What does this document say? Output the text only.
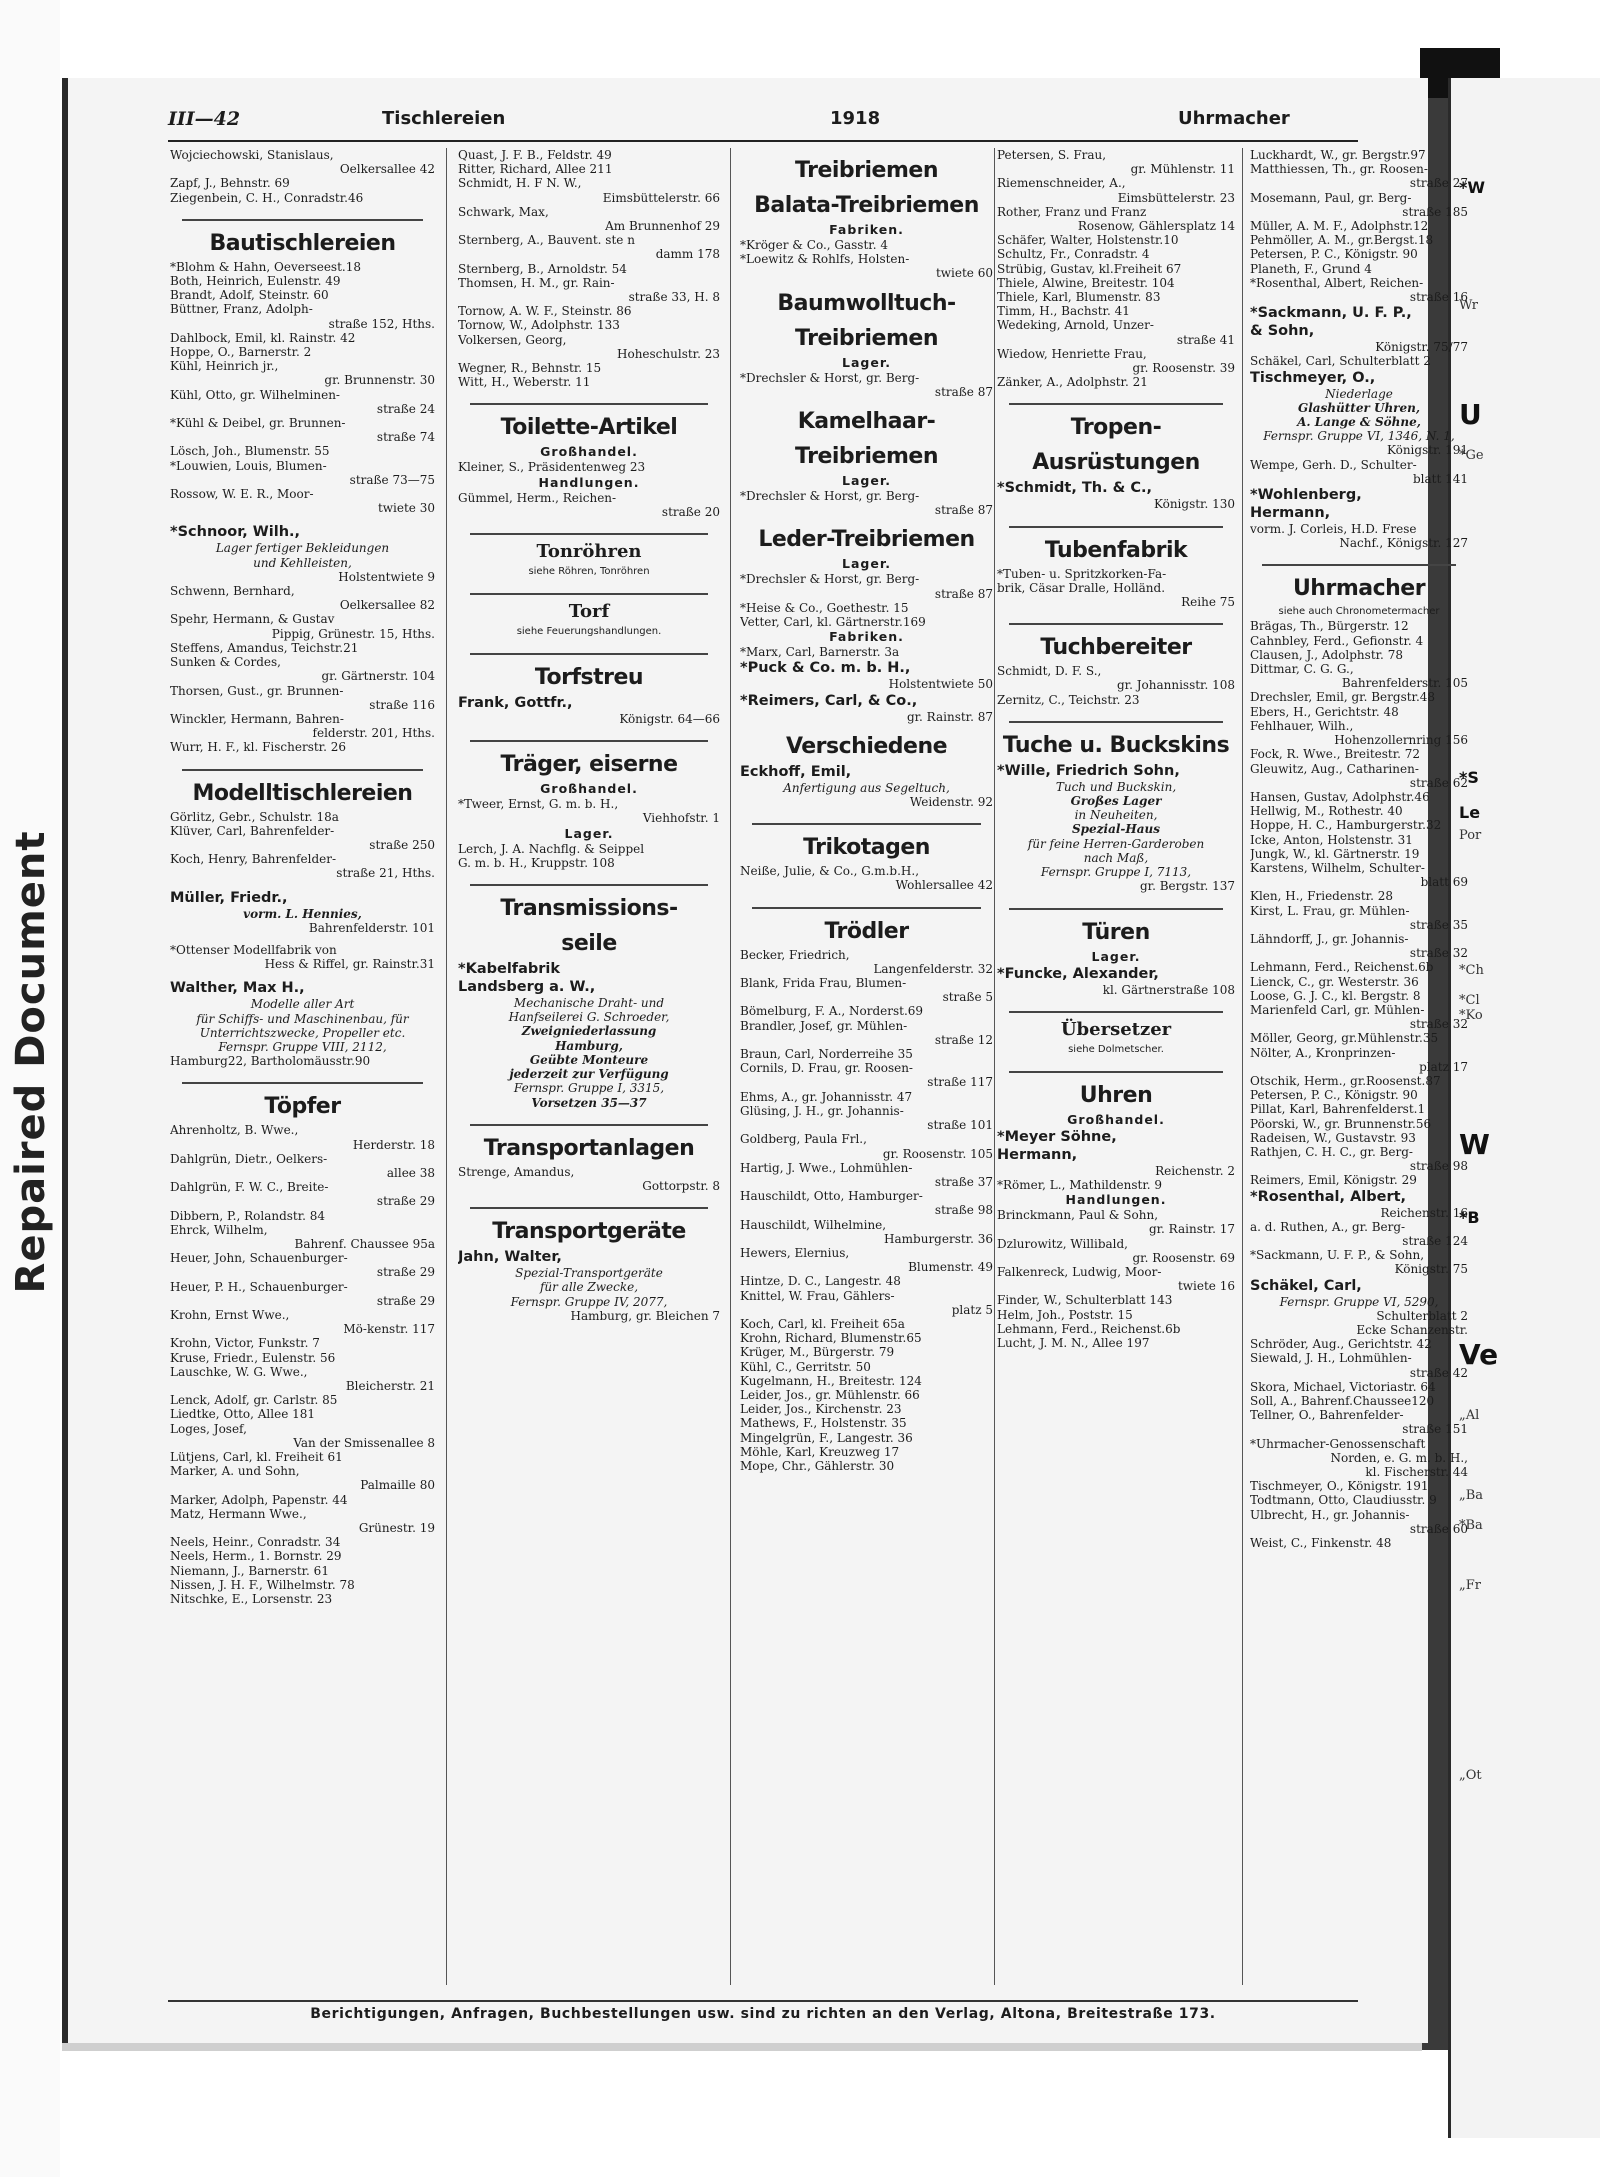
Repaired Document
*W
Wr
U
*Ge
*S
Le
Por
*Ch
*Cl
*Ko
W
*B
Ve
„Al
„Ba
*Ba
„Fr
„Ot
III—42	Tischlereien	1918	Uhrmacher
Wojciechowski, Stanislaus,
Oelkersallee 42
Zapf, J., Behnstr. 69
Ziegenbein, C. H., Conradstr.46
Bautischlereien
*Blohm & Hahn, Oeverseest.18
Both, Heinrich, Eulenstr. 49
Brandt, Adolf, Steinstr. 60
Büttner, Franz, Adolph-
straße 152, Hths.
Dahlbock, Emil, kl. Rainstr. 42
Hoppe, O., Barnerstr. 2
Kühl, Heinrich jr.,
gr. Brunnenstr. 30
Kühl, Otto, gr. Wilhelminen-
straße 24
*Kühl & Deibel, gr. Brunnen-
straße 74
Lösch, Joh., Blumenstr. 55
*Louwien, Louis, Blumen-
straße 73—75
Rossow, W. E. R., Moor-
twiete 30
*Schnoor, Wilh.,
Lager fertiger Bekleidungen
und Kehlleisten,
Holstentwiete 9
Schwenn, Bernhard,
Oelkersallee 82
Spehr, Hermann, & Gustav
Pippig, Grünestr. 15, Hths.
Steffens, Amandus, Teichstr.21
Sunken & Cordes,
gr. Gärtnerstr. 104
Thorsen, Gust., gr. Brunnen-
straße 116
Winckler, Hermann, Bahren-
felderstr. 201, Hths.
Wurr, H. F., kl. Fischerstr. 26
Modelltischlereien
Görlitz, Gebr., Schulstr. 18a
Klüver, Carl, Bahrenfelder-
straße 250
Koch, Henry, Bahrenfelder-
straße 21, Hths.
Müller, Friedr.,
vorm. L. Hennies,
Bahrenfelderstr. 101
*Ottenser Modellfabrik von
Hess & Riffel, gr. Rainstr.31
Walther, Max H.,
Modelle aller Art
für Schiffs- und Maschinenbau, für
Unterrichtszwecke, Propeller etc.
Fernspr. Gruppe VIII, 2112,
Hamburg22, Bartholomäusstr.90
Töpfer
Ahrenholtz, B. Wwe.,
Herderstr. 18
Dahlgrün, Dietr., Oelkers-
allee 38
Dahlgrün, F. W. C., Breite-
straße 29
Dibbern, P., Rolandstr. 84
Ehrck, Wilhelm,
Bahrenf. Chaussee 95a
Heuer, John, Schauenburger-
straße 29
Heuer, P. H., Schauenburger-
straße 29
Krohn, Ernst Wwe.,
Mö-kenstr. 117
Krohn, Victor, Funkstr. 7
Kruse, Friedr., Eulenstr. 56
Lauschke, W. G. Wwe.,
Bleicherstr. 21
Lenck, Adolf, gr. Carlstr. 85
Liedtke, Otto, Allee 181
Loges, Josef,
Van der Smissenallee 8
Lütjens, Carl, kl. Freiheit 61
Marker, A. und Sohn,
Palmaille 80
Marker, Adolph, Papenstr. 44
Matz, Hermann Wwe.,
Grünestr. 19
Neels, Heinr., Conradstr. 34
Neels, Herm., 1. Bornstr. 29
Niemann, J., Barnerstr. 61
Nissen, J. H. F., Wilhelmstr. 78
Nitschke, E., Lorsenstr. 23
Quast, J. F. B., Feldstr. 49
Ritter, Richard, Allee 211
Schmidt, H. F N. W.,
Eimsbüttelerstr. 66
Schwark, Max,
Am Brunnenhof 29
Sternberg, A., Bauvent. ste n
damm 178
Sternberg, B., Arnoldstr. 54
Thomsen, H. M., gr. Rain-
straße 33, H. 8
Tornow, A. W. F., Steinstr. 86
Tornow, W., Adolphstr. 133
Volkersen, Georg,
Hoheschulstr. 23
Wegner, R., Behnstr. 15
Witt, H., Weberstr. 11
Toilette-Artikel
Großhandel.
Kleiner, S., Präsidentenweg 23
Handlungen.
Gümmel, Herm., Reichen-
straße 20
Tonröhren
siehe Röhren, Tonröhren
Torf
siehe Feuerungshandlungen.
Torfstreu
Frank, Gottfr.,
Königstr. 64—66
Träger, eiserne
Großhandel.
*Tweer, Ernst, G. m. b. H.,
Viehhofstr. 1
Lager.
Lerch, J. A. Nachflg. & Seippel
G. m. b. H., Kruppstr. 108
Transmissions-
seile
*Kabelfabrik
Landsberg a. W.,
Mechanische Draht- und
Hanfseilerei G. Schroeder,
Zweigniederlassung
Hamburg,
Geübte Monteure
jederzeit zur Verfügung
Fernspr. Gruppe I, 3315,
Vorsetzen 35—37
Transportanlagen
Strenge, Amandus,
Gottorpstr. 8
Transportgeräte
Jahn, Walter,
Spezial-Transportgeräte
für alle Zwecke,
Fernspr. Gruppe IV, 2077,
Hamburg, gr. Bleichen 7
Treibriemen
Balata-Treibriemen
Fabriken.
*Kröger & Co., Gasstr. 4
*Loewitz & Rohlfs, Holsten-
twiete 60
Baumwolltuch-
Treibriemen
Lager.
*Drechsler & Horst, gr. Berg-
straße 87
Kamelhaar-
Treibriemen
Lager.
*Drechsler & Horst, gr. Berg-
straße 87
Leder-Treibriemen
Lager.
*Drechsler & Horst, gr. Berg-
straße 87
*Heise & Co., Goethestr. 15
Vetter, Carl, kl. Gärtnerstr.169
Fabriken.
*Marx, Carl, Barnerstr. 3a
*Puck & Co. m. b. H.,
Holstentwiete 50
*Reimers, Carl, & Co.,
gr. Rainstr. 87
Verschiedene
Eckhoff, Emil,
Anfertigung aus Segeltuch,
Weidenstr. 92
Trikotagen
Neiße, Julie, & Co., G.m.b.H.,
Wohlersallee 42
Trödler
Becker, Friedrich,
Langenfelderstr. 32
Blank, Frida Frau, Blumen-
straße 5
Bömelburg, F. A., Norderst.69
Brandler, Josef, gr. Mühlen-
straße 12
Braun, Carl, Norderreihe 35
Cornils, D. Frau, gr. Roosen-
straße 117
Ehms, A., gr. Johannisstr. 47
Glüsing, J. H., gr. Johannis-
straße 101
Goldberg, Paula Frl.,
gr. Roosenstr. 105
Hartig, J. Wwe., Lohmühlen-
straße 37
Hauschildt, Otto, Hamburger-
straße 98
Hauschildt, Wilhelmine,
Hamburgerstr. 36
Hewers, Elernius,
Blumenstr. 49
Hintze, D. C., Langestr. 48
Knittel, W. Frau, Gählers-
platz 5
Koch, Carl, kl. Freiheit 65a
Krohn, Richard, Blumenstr.65
Krüger, M., Bürgerstr. 79
Kühl, C., Gerritstr. 50
Kugelmann, H., Breitestr. 124
Leider, Jos., gr. Mühlenstr. 66
Leider, Jos., Kirchenstr. 23
Mathews, F., Holstenstr. 35
Mingelgrün, F., Langestr. 36
Möhle, Karl, Kreuzweg 17
Mope, Chr., Gählerstr. 30
Petersen, S. Frau,
gr. Mühlenstr. 11
Riemenschneider, A.,
Eimsbüttelerstr. 23
Rother, Franz und Franz
Rosenow, Gählersplatz 14
Schäfer, Walter, Holstenstr.10
Schultz, Fr., Conradstr. 4
Strübig, Gustav, kl.Freiheit 67
Thiele, Alwine, Breitestr. 104
Thiele, Karl, Blumenstr. 83
Timm, H., Bachstr. 41
Wedeking, Arnold, Unzer-
straße 41
Wiedow, Henriette Frau,
gr. Roosenstr. 39
Zänker, A., Adolphstr. 21
Tropen-
Ausrüstungen
*Schmidt, Th. & C.,
Königstr. 130
Tubenfabrik
*Tuben- u. Spritzkorken-Fa-
brik, Cäsar Dralle, Holländ.
Reihe 75
Tuchbereiter
Schmidt, D. F. S.,
gr. Johannisstr. 108
Zernitz, C., Teichstr. 23
Tuche u. Buckskins
*Wille, Friedrich Sohn,
Tuch und Buckskin,
Großes Lager
in Neuheiten,
Spezial-Haus
für feine Herren-Garderoben
nach Maß,
Fernspr. Gruppe I, 7113,
gr. Bergstr. 137
Türen
Lager.
*Funcke, Alexander,
kl. Gärtnerstraße 108
Übersetzer
siehe Dolmetscher.
Uhren
Großhandel.
*Meyer Söhne,
Hermann,
Reichenstr. 2
*Römer, L., Mathildenstr. 9
Handlungen.
Brinckmann, Paul & Sohn,
gr. Rainstr. 17
Dzlurowitz, Willibald,
gr. Roosenstr. 69
Falkenreck, Ludwig, Moor-
twiete 16
Finder, W., Schulterblatt 143
Helm, Joh., Poststr. 15
Lehmann, Ferd., Reichenst.6b
Lucht, J. M. N., Allee 197
Luckhardt, W., gr. Bergstr.97
Matthiessen, Th., gr. Roosen-
straße 27
Mosemann, Paul, gr. Berg-
straße 185
Müller, A. M. F., Adolphstr.12
Pehmöller, A. M., gr.Bergst.18
Petersen, P. C., Königstr. 90
Planeth, F., Grund 4
*Rosenthal, Albert, Reichen-
straße 16
*Sackmann, U. F. P.,
& Sohn,
Königstr. 75/77
Schäkel, Carl, Schulterblatt 2
Tischmeyer, O.,
Niederlage
Glashütter Uhren,
A. Lange & Söhne,
Fernspr. Gruppe VI, 1346, N. 1,
Königstr. 191
Wempe, Gerh. D., Schulter-
blatt 141
*Wohlenberg,
Hermann,
vorm. J. Corleis, H.D. Frese
Nachf., Königstr. 127
Uhrmacher
siehe auch Chronometermacher
Brägas, Th., Bürgerstr. 12
Cahnbley, Ferd., Gefionstr. 4
Clausen, J., Adolphstr. 78
Dittmar, C. G. G.,
Bahrenfelderstr. 105
Drechsler, Emil, gr. Bergstr.48
Ebers, H., Gerichtstr. 48
Fehlhauer, Wilh.,
Hohenzollernring 156
Fock, R. Wwe., Breitestr. 72
Gleuwitz, Aug., Catharinen-
straße 62
Hansen, Gustav, Adolphstr.46
Hellwig, M., Rothestr. 40
Hoppe, H. C., Hamburgerstr.32
Icke, Anton, Holstenstr. 31
Jungk, W., kl. Gärtnerstr. 19
Karstens, Wilhelm, Schulter-
blatt 69
Klen, H., Friedenstr. 28
Kirst, L. Frau, gr. Mühlen-
straße 35
Lähndorff, J., gr. Johannis-
straße 32
Lehmann, Ferd., Reichenst.6b
Lienck, C., gr. Westerstr. 36
Loose, G. J. C., kl. Bergstr. 8
Marienfeld Carl, gr. Mühlen-
straße 32
Möller, Georg, gr.Mühlenstr.35
Nölter, A., Kronprinzen-
platz 17
Otschik, Herm., gr.Roosenst.87
Petersen, P. C., Königstr. 90
Pillat, Karl, Bahrenfelderst.1
Pöorski, W., gr. Brunnenstr.56
Radeisen, W., Gustavstr. 93
Rathjen, C. H. C., gr. Berg-
straße 98
Reimers, Emil, Königstr. 29
*Rosenthal, Albert,
Reichenstr. 16
a. d. Ruthen, A., gr. Berg-
straße 124
*Sackmann, U. F. P., & Sohn,
Königstr. 75
Schäkel, Carl,
Fernspr. Gruppe VI, 5290,
Schulterblatt 2
Ecke Schanzenstr.
Schröder, Aug., Gerichtstr. 42
Siewald, J. H., Lohmühlen-
straße 42
Skora, Michael, Victoriastr. 64
Soll, A., Bahrenf.Chaussee120
Tellner, O., Bahrenfelder-
straße 151
*Uhrmacher-Genossenschaft
Norden, e. G. m. b. H.,
kl. Fischerstr. 44
Tischmeyer, O., Königstr. 191
Todtmann, Otto, Claudiusstr. 9
Ulbrecht, H., gr. Johannis-
straße 60
Weist, C., Finkenstr. 48
Berichtigungen, Anfragen, Buchbestellungen usw. sind zu richten an den Verlag, Altona, Breitestraße 173.
